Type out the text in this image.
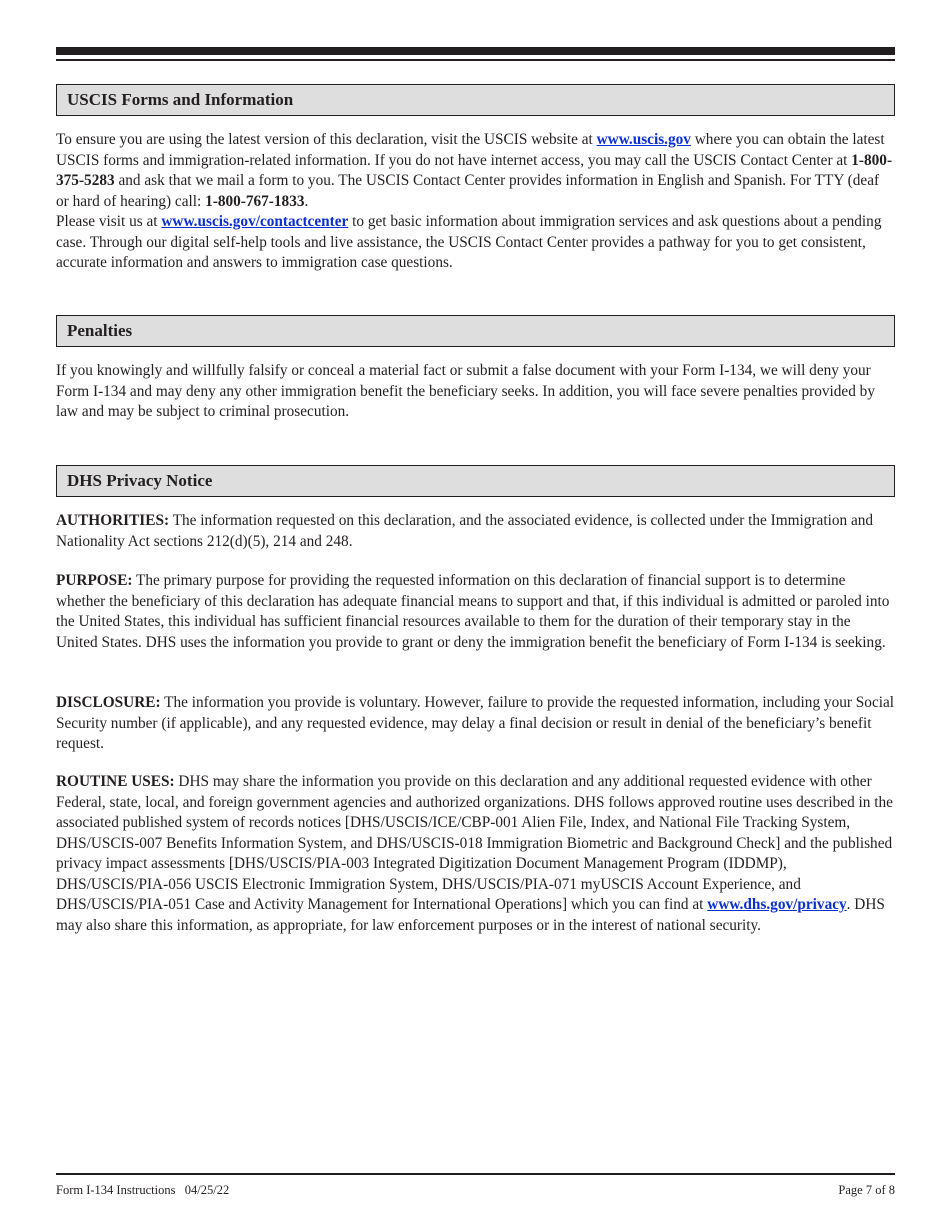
USCIS Forms and Information

To ensure you are using the latest version of this declaration, visit the USCIS website at www.uscis.gov where you can obtain the latest USCIS forms and immigration-related information. If you do not have internet access, you may call the USCIS Contact Center at 1-800-375-5283 and ask that we mail a form to you. The USCIS Contact Center provides information in English and Spanish. For TTY (deaf or hard of hearing) call: 1-800-767-1833.

Please visit us at www.uscis.gov/contactcenter to get basic information about immigration services and ask questions about a pending case. Through our digital self-help tools and live assistance, the USCIS Contact Center provides a pathway for you to get consistent, accurate information and answers to immigration case questions.

Penalties

If you knowingly and willfully falsify or conceal a material fact or submit a false document with your Form I-134, we will deny your Form I-134 and may deny any other immigration benefit the beneficiary seeks. In addition, you will face severe penalties provided by law and may be subject to criminal prosecution.

DHS Privacy Notice

AUTHORITIES: The information requested on this declaration, and the associated evidence, is collected under the Immigration and Nationality Act sections 212(d)(5), 214 and 248.

PURPOSE: The primary purpose for providing the requested information on this declaration of financial support is to determine whether the beneficiary of this declaration has adequate financial means to support and that, if this individual is admitted or paroled into the United States, this individual has sufficient financial resources available to them for the duration of their temporary stay in the United States. DHS uses the information you provide to grant or deny the immigration benefit the beneficiary of Form I-134 is seeking.

DISCLOSURE: The information you provide is voluntary. However, failure to provide the requested information, including your Social Security number (if applicable), and any requested evidence, may delay a final decision or result in denial of the beneficiary’s benefit request.

ROUTINE USES: DHS may share the information you provide on this declaration and any additional requested evidence with other Federal, state, local, and foreign government agencies and authorized organizations. DHS follows approved routine uses described in the associated published system of records notices [DHS/USCIS/ICE/CBP-001 Alien File, Index, and National File Tracking System, DHS/USCIS-007 Benefits Information System, and DHS/USCIS-018 Immigration Biometric and Background Check] and the published privacy impact assessments [DHS/USCIS/PIA-003 Integrated Digitization Document Management Program (IDDMP), DHS/USCIS/PIA-056 USCIS Electronic Immigration System, DHS/USCIS/PIA-071 myUSCIS Account Experience, and DHS/USCIS/PIA-051 Case and Activity Management for International Operations] which you can find at www.dhs.gov/privacy. DHS may also share this information, as appropriate, for law enforcement purposes or in the interest of national security.

Form I-134 Instructions   04/25/22	Page 7 of 8
